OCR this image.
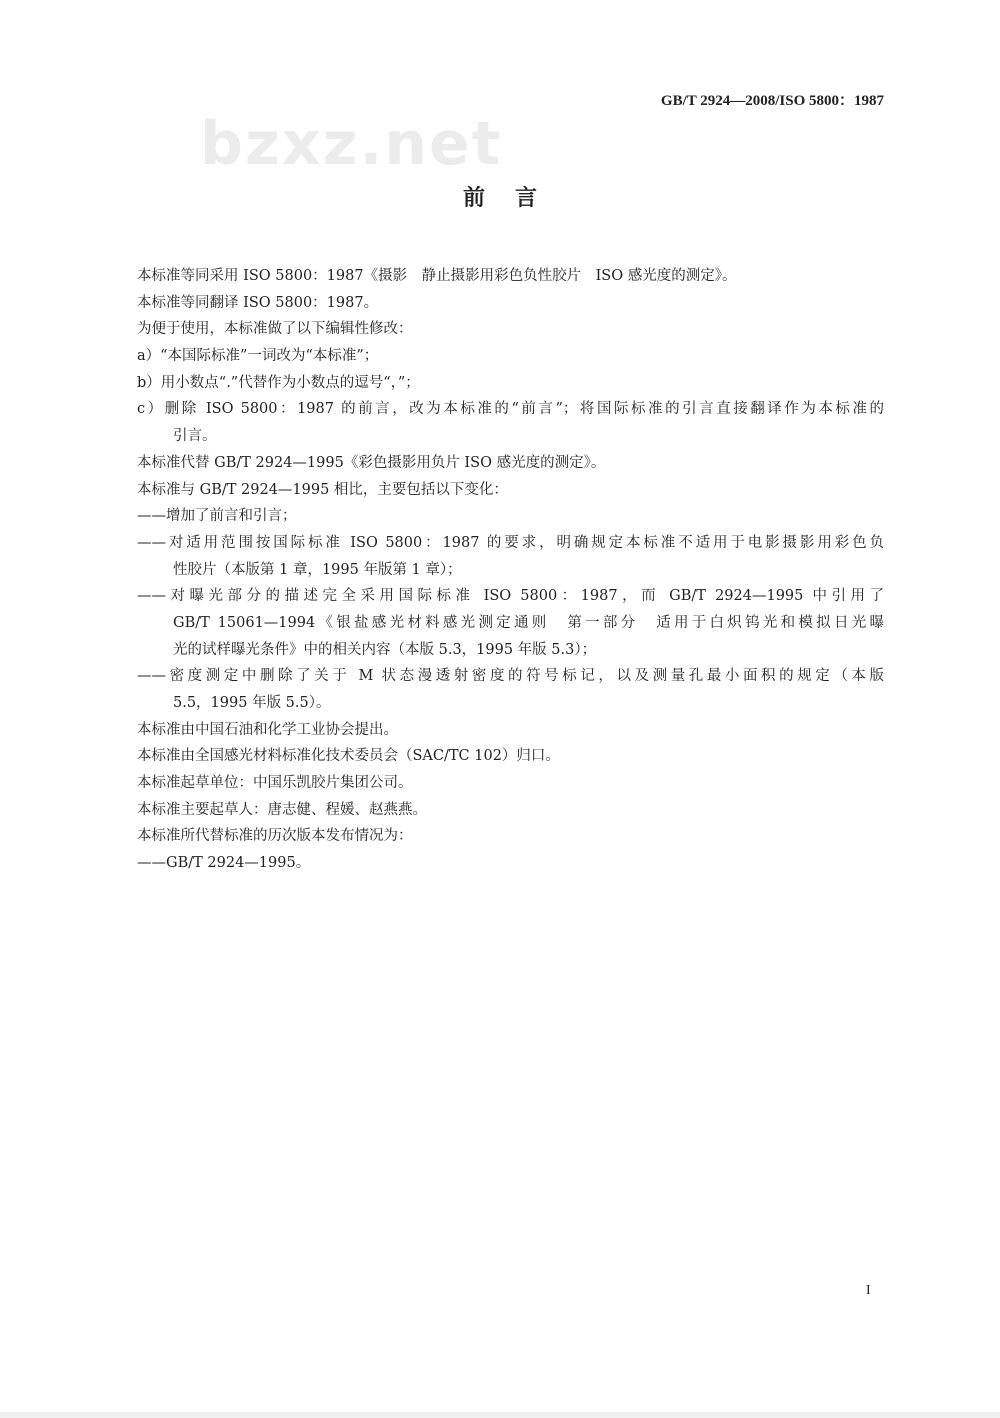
bzxz.net
GB/T 2924—2008/ISO 5800：1987
前言
本标准等同采用 ISO 5800：1987《摄影　静止摄影用彩色负性胶片　ISO 感光度的测定》。
本标准等同翻译 ISO 5800：1987。
为便于使用，本标准做了以下编辑性修改：
a）“本国际标准”一词改为“本标准”；
b）用小数点“.”代替作为小数点的逗号“，”；
c）删除 ISO 5800：1987 的前言，改为本标准的“前言”；将国际标准的引言直接翻译作为本标准的
引言。
本标准代替 GB/T 2924—1995《彩色摄影用负片 ISO 感光度的测定》。
本标准与 GB/T 2924—1995 相比，主要包括以下变化：
——增加了前言和引言；
——对适用范围按国际标准 ISO 5800：1987 的要求，明确规定本标准不适用于电影摄影用彩色负
性胶片（本版第 1 章，1995 年版第 1 章）；
——对曝光部分的描述完全采用国际标准 ISO 5800：1987，而 GB/T 2924—1995 中引用了
GB/T 15061—1994《银盐感光材料感光测定通则　第一部分　适用于白炽钨光和模拟日光曝
光的试样曝光条件》中的相关内容（本版 5.3，1995 年版 5.3）；
——密度测定中删除了关于 M 状态漫透射密度的符号标记，以及测量孔最小面积的规定（本版
5.5，1995 年版 5.5）。
本标准由中国石油和化学工业协会提出。
本标准由全国感光材料标准化技术委员会（SAC/TC 102）归口。
本标准起草单位：中国乐凯胶片集团公司。
本标准主要起草人：唐志健、程媛、赵燕燕。
本标准所代替标准的历次版本发布情况为：
——GB/T 2924—1995。
I
